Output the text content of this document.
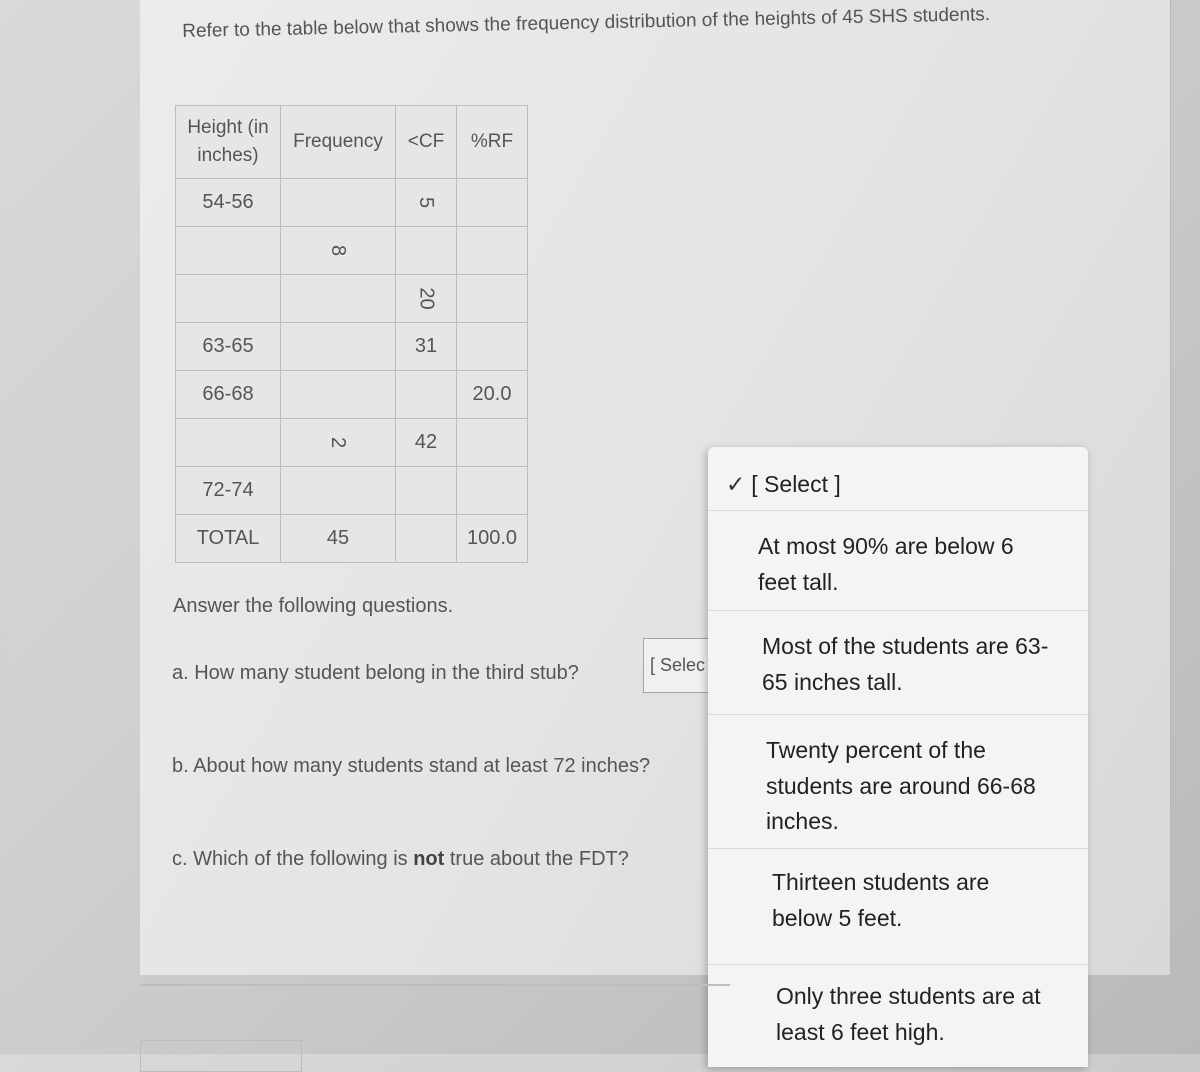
Refer to the table below that shows the frequency distribution of the heights of 45 SHS students.
Height (in inches)	Frequency	<CF	%RF
54-56		5	
	8		
		20	
63-65		31	
66-68			20.0
	2	42	
72-74			
TOTAL	45		100.0
Answer the following questions.
a. How many student belong in the third stub?	[ Selec
b. About how many students stand at least 72 inches?
c. Which of the following is not true about the FDT?
✓ [ Select ]
At most 90% are below 6 feet tall.
Most of the students are 63-65 inches tall.
Twenty percent of the students are around 66-68 inches.
Thirteen students are below 5 feet.
Only three students are at least 6 feet high.
